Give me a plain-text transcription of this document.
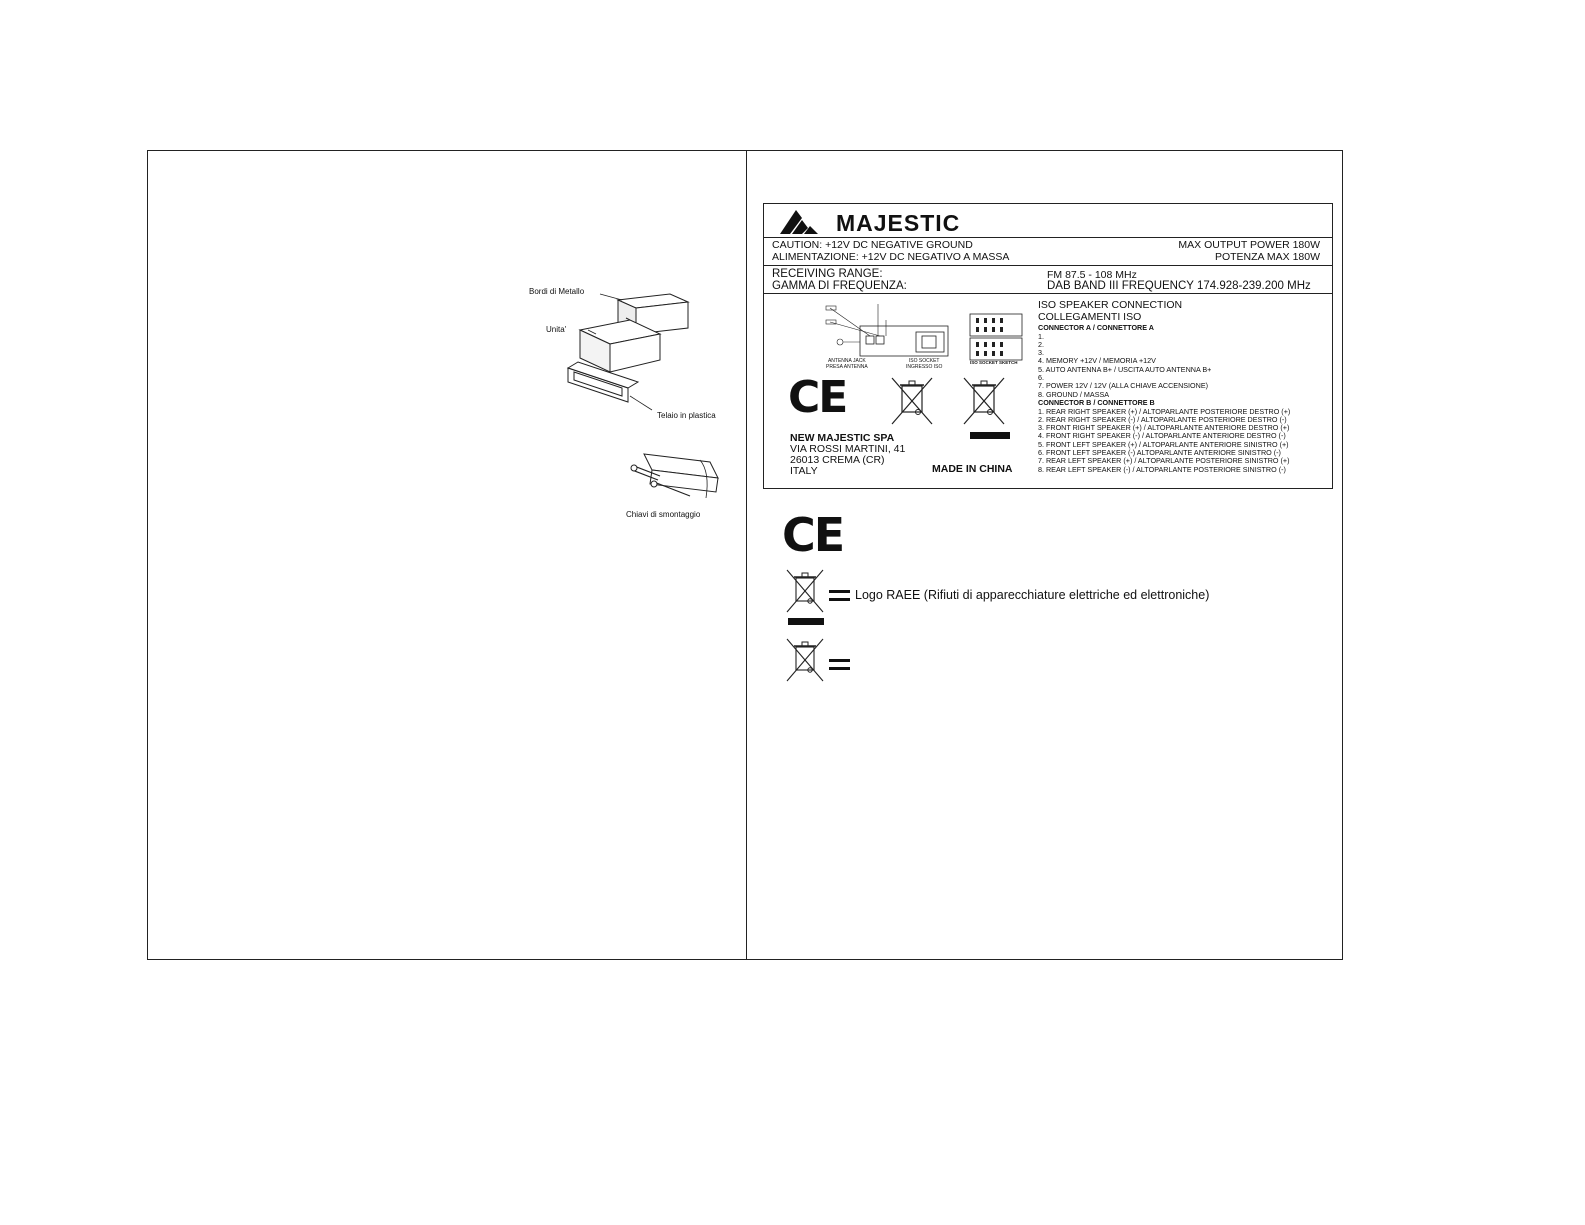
Bordi di Metallo
Unita'
Telaio in plastica
Chiavi di smontaggio
MAJESTIC
CAUTION: +12V DC NEGATIVE GROUND
ALIMENTAZIONE: +12V DC NEGATIVO A MASSA
MAX OUTPUT POWER 180W
POTENZA MAX 180W
RECEIVING RANGE:
GAMMA DI FREQUENZA:
FM 87.5 - 108 MHz
DAB BAND III FREQUENCY 174.928-239.200 MHz
ANTENNA JACK
PRESA ANTENNA
ISO SOCKET
INGRESSO ISO
ISO SOCKET SKETCH
CE
NEW MAJESTIC SPA
VIA ROSSI MARTINI, 41
26013 CREMA (CR)
ITALY	MADE IN CHINA
ISO SPEAKER CONNECTION
COLLEGAMENTI ISO
CONNECTOR A / CONNETTORE A
1.
2.
3.
4. MEMORY +12V / MEMORIA +12V
5. AUTO ANTENNA B+ / USCITA AUTO ANTENNA B+
6.
7. POWER 12V / 12V (ALLA CHIAVE ACCENSIONE)
8. GROUND / MASSA
CONNECTOR B / CONNETTORE B
1. REAR RIGHT SPEAKER (+) / ALTOPARLANTE POSTERIORE DESTRO (+)
2. REAR RIGHT SPEAKER (-) / ALTOPARLANTE POSTERIORE DESTRO (-)
3. FRONT RIGHT SPEAKER (+) / ALTOPARLANTE ANTERIORE DESTRO (+)
4. FRONT RIGHT SPEAKER (-) / ALTOPARLANTE ANTERIORE DESTRO (-)
5. FRONT LEFT SPEAKER (+) / ALTOPARLANTE ANTERIORE SINISTRO (+)
6. FRONT LEFT SPEAKER (-) ALTOPARLANTE ANTERIORE SINISTRO (-)
7. REAR LEFT SPEAKER (+) / ALTOPARLANTE POSTERIORE SINISTRO (+)
8. REAR LEFT SPEAKER (-) / ALTOPARLANTE POSTERIORE SINISTRO (-)
CE
Logo RAEE (Rifiuti di apparecchiature elettriche ed elettroniche)
